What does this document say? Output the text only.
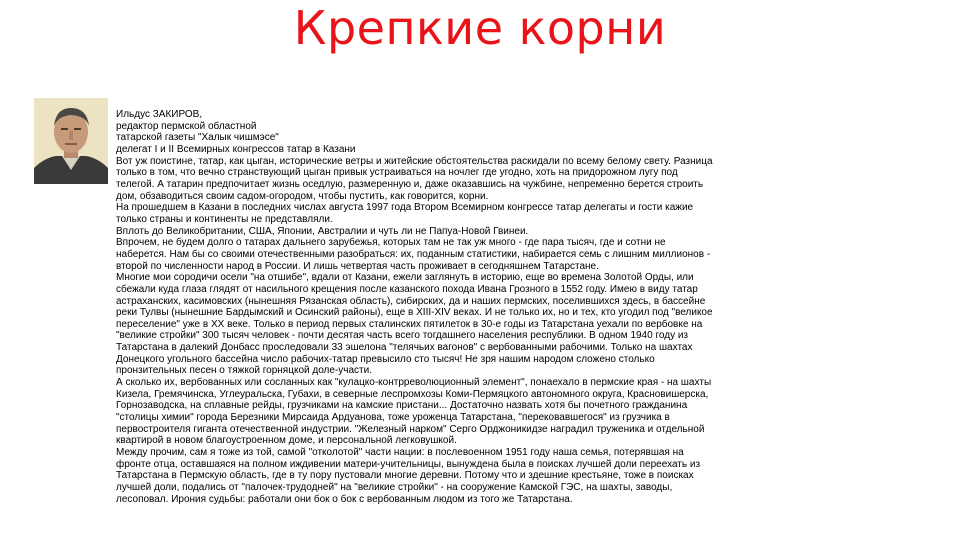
Крепкие корни
Ильдус ЗАКИРОВ,
редактор пермской областной
татарской газеты "Халык чишмэсе"
делегат I и II Всемирных конгрессов татар в Казани
Вот уж поистине, татар, как цыган, исторические ветры и житейские обстоятельства раскидали по всему белому свету. Разница
только в том, что вечно странствующий цыган привык устраиваться на ночлег где угодно, хоть на придорожном лугу под
телегой. А татарин предпочитает жизнь оседлую, размеренную и, даже оказавшись на чужбине, непременно берется строить
дом, обзаводиться своим садом-огородом, чтобы пустить, как говорится, корни.
На прошедшем в Казани в последних числах августа 1997 года Втором Всемирном конгрессе татар делегаты и гости кажие
только страны и континенты не представляли.
Вплоть до Великобритании, США, Японии, Австралии и чуть ли не Папуа-Новой Гвинеи.
Впрочем, не будем долго о татарах дальнего зарубежья, которых там не так уж много - где пара тысяч, где и сотни не
наберется. Нам бы со своими отечественными разобраться: их, поданным статистики, набирается семь с лишним миллионов -
второй по численности народ в России. И лишь четвертая часть проживает в сегодняшнем Татарстане.
Многие мои сородичи осели "на отшибе", вдали от Казани, ежели заглянуть в историю, еще во времена Золотой Орды, или
сбежали куда глаза глядят от насильного крещения после казанского похода Ивана Грозного в 1552 году. Имею в виду татар
астраханских, касимовских (нынешняя Рязанская область), сибирских, да и наших пермских, поселившихся здесь, в бассейне
реки Тулвы (нынешние Бардымский и Осинский районы), еще в XIII-XIV веках. И не только их, но и тех, кто угодил под "великое
переселение" уже в XX веке. Только в период первых сталинских пятилеток в 30-е годы из Татарстана уехали по вербовке на
"великие стройки" 300 тысяч человек - почти десятая часть всего тогдашнего населения республики. В одном 1940 году из
Татарстана в далекий Донбасс проследовали 33 эшелона "телячьих вагонов" с вербованными рабочими. Только на шахтах
Донецкого угольного бассейна число рабочих-татар превысило сто тысяч! Не зря нашим народом сложено столько
пронзительных песен о тяжкой горняцкой доле-участи.
А сколько их, вербованных или сосланных как "кулацко-контрреволюционный элемент", понаехало в пермские края - на шахты
Кизела, Гремячинска, Углеуральска, Губахи, в северные леспромхозы Коми-Пермяцкого автономного округа, Красновишерска,
Горнозаводска, на сплавные рейды, грузчиками на камские пристани... Достаточно назвать хотя бы почетного гражданина
"столицы химии" города Березники Мирсаида Ардуанова, тоже уроженца Татарстана, "перековавшегося" из грузчика в
первостроителя гиганта отечественной индустрии. "Железный нарком" Серго Орджоникидзе наградил труженика и отдельной
квартирой в новом благоустроенном доме, и персональной легковушкой.
Между прочим, сам я тоже из той, самой "отколотой" части нации: в послевоенном 1951 году наша семья, потерявшая на
фронте отца, оставшаяся на полном иждивении матери-учительницы, вынуждена была в поисках лучшей доли переехать из
Татарстана в Пермскую область, где в ту пору пустовали многие деревни. Потому что и здешние крестьяне, тоже в поисках
лучшей доли, подались от "палочек-трудодней" на "великие стройки" - на сооружение Камской ГЭС, на шахты, заводы,
лесоповал. Ирония судьбы: работали они бок о бок с вербованным людом из того же Татарстана.
